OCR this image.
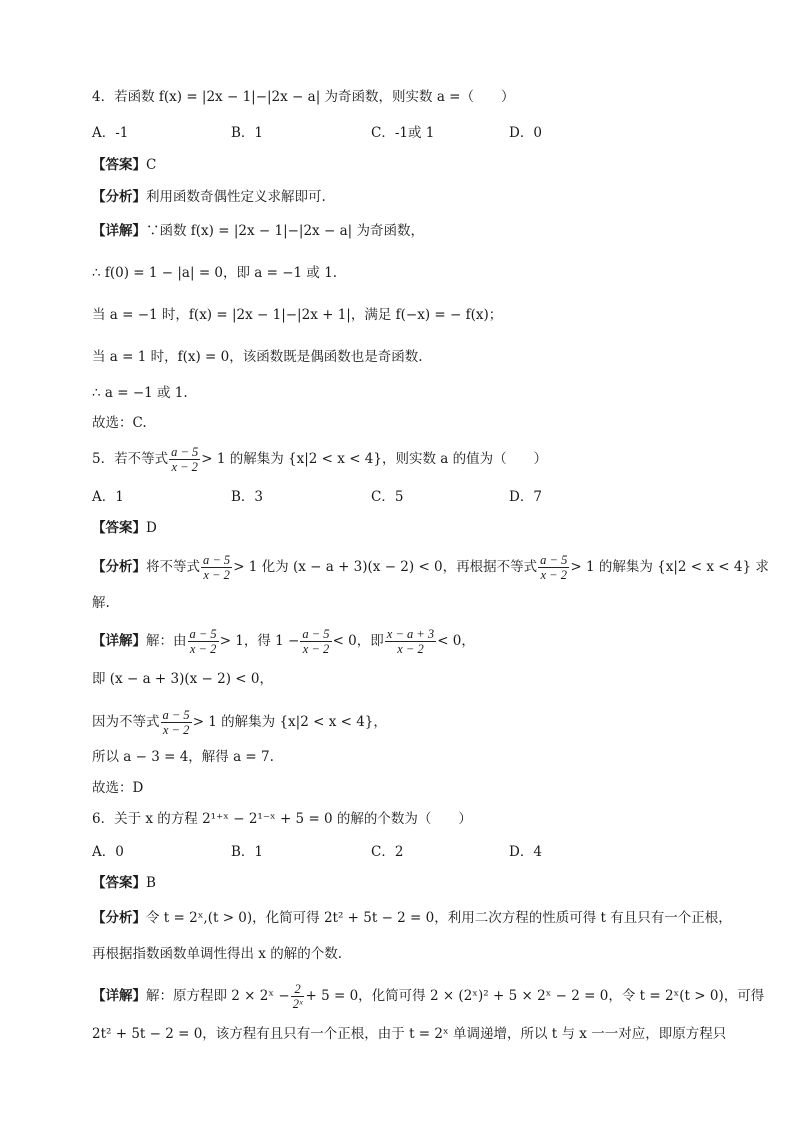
4．若函数 f(x) = |2x − 1|−|2x − a| 为奇函数，则实数 a =（　　）
A．-1	B．1	C．-1或 1	D．0
【答案】C
【分析】利用函数奇偶性定义求解即可.
【详解】∵函数 f(x) = |2x − 1|−|2x − a| 为奇函数，
∴ f(0) = 1 − |a| = 0，即 a = −1 或 1.
当 a = −1 时，f(x) = |2x − 1|−|2x + 1|，满足 f(−x) = − f(x)；
当 a = 1 时，f(x) = 0，该函数既是偶函数也是奇函数.
∴ a = −1 或 1.
故选：C.
5．若不等式 $\frac{a - 5}{x - 2} > 1$ 的解集为 {x|2 < x < 4}，则实数 a 的值为（　　）
A．1	B．3	C．5	D．7
【答案】D
【分析】将不等式 $\frac{a - 5}{x - 2} > 1$ 化为 (x − a + 3)(x − 2) < 0，再根据不等式 $\frac{a - 5}{x - 2} > 1$ 的解集为 {x|2 < x < 4} 求
解.
【详解】解：由 $\frac{a - 5}{x - 2} > 1$，得 $1 - \frac{a - 5}{x - 2} < 0$，即 $\frac{x - a + 3}{x - 2} < 0$，
即 (x − a + 3)(x − 2) < 0，
因为不等式 $\frac{a - 5}{x - 2} > 1$ 的解集为 {x|2 < x < 4}，
所以 a − 3 = 4，解得 a = 7.
故选：D
6．关于 x 的方程 2¹⁺ˣ − 2¹⁻ˣ + 5 = 0 的解的个数为（　　）
A．0	B．1	C．2	D．4
【答案】B
【分析】令 t = 2ˣ,(t > 0)，化简可得 2t² + 5t − 2 = 0，利用二次方程的性质可得 t 有且只有一个正根，
再根据指数函数单调性得出 x 的解的个数.
【详解】解：原方程即 2 × 2ˣ − $\frac{2}{\text{2ˣ}} + 5 = 0$，化简可得 2 × (2ˣ)² + 5 × 2ˣ − 2 = 0，令 t = 2ˣ(t > 0)，可得
2t² + 5t − 2 = 0，该方程有且只有一个正根，由于 t = 2ˣ 单调递增，所以 t 与 x 一一对应，即原方程只
